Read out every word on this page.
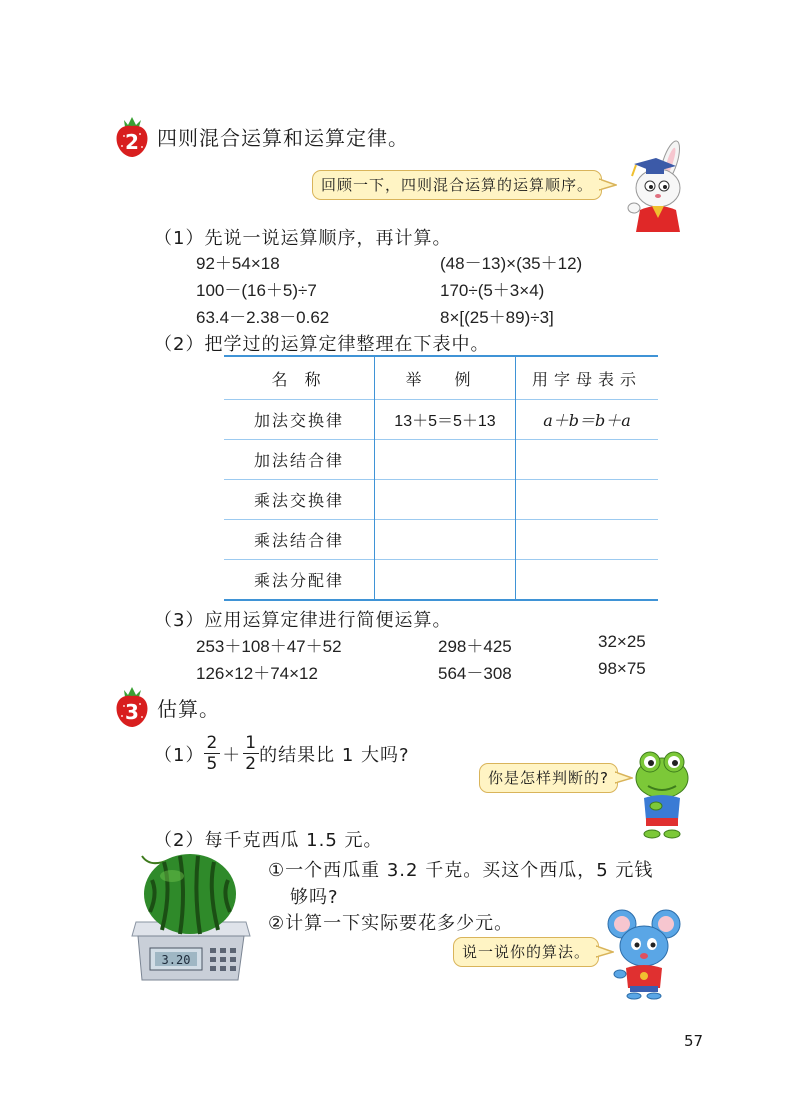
2 四则混合运算和运算定律。
回顾一下，四则混合运算的运算顺序。
（1）先说一说运算顺序，再计算。
92＋54×18	(48－13)×(35＋12)
100－(16＋5)÷7	170÷(5＋3×4)
63.4－2.38－0.62	8×[(25＋89)÷3]
（2）把学过的运算定律整理在下表中。
名 称	举 例	用字母表示
加法交换律	13＋5＝5＋13	a＋b＝b＋a
加法结合律		
乘法交换律		
乘法结合律		
乘法分配律		
（3）应用运算定律进行简便运算。
253＋108＋47＋52	298＋425	32×25
126×12＋74×12	564－308	98×75
3 估算。
$(1) \frac{2}{5} + \frac{1}{2}$ 的结果比 1 大吗?
你是怎样判断的?
（2）每千克西瓜 1.5 元。
①一个西瓜重 3.2 千克。买这个西瓜，5 元钱
够吗?
②计算一下实际要花多少元。
3.20	说一说你的算法。
57
